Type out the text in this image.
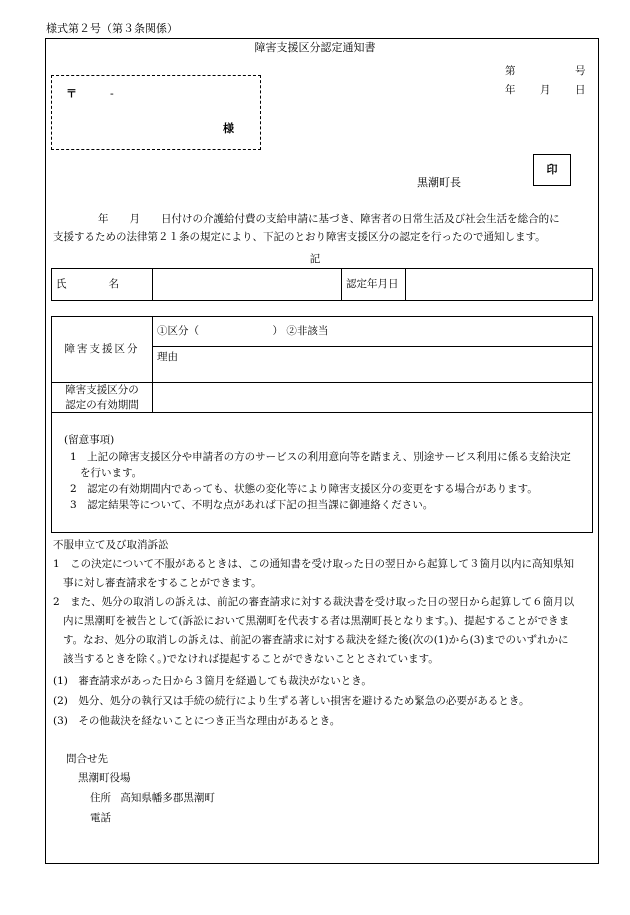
様式第２号（第３条関係）
障害支援区分認定通知書
第	号
年 月 日
〒	-
様
黒潮町長
印
年　　月　　日付けの介護給付費の支給申請に基づき、障害者の日常生活及び社会生活を総合的に
支援するための法律第２１条の規定により、下記のとおり障害支援区分の認定を行ったので通知します。
記
氏　　　　名		認定年月日	
障害支援区分	①区分（　　　　　　　） ②非該当
	理由

障害支援区分の
認定の有効期間	

(留意事項)
1　上記の障害支援区分や申請者の方のサービスの利用意向等を踏まえ、別途サービス利用に係る支給決定
を行います。
2　認定の有効期間内であっても、状態の変化等により障害支援区分の変更をする場合があります。
3　認定結果等について、不明な点があれば下記の担当課に御連絡ください。
不服申立て及び取消訴訟
1　この決定について不服があるときは、この通知書を受け取った日の翌日から起算して３箇月以内に高知県知
事に対し審査請求をすることができます。
2　また、処分の取消しの訴えは、前記の審査請求に対する裁決書を受け取った日の翌日から起算して６箇月以
内に黒潮町を被告として(訴訟において黒潮町を代表する者は黒潮町長となります。)、提起することができま
す。なお、処分の取消しの訴えは、前記の審査請求に対する裁決を経た後(次の(1)から(3)までのいずれかに
該当するときを除く。)でなければ提起することができないこととされています。
(1)　審査請求があった日から３箇月を経過しても裁決がないとき。
(2)　処分、処分の執行又は手続の続行により生ずる著しい損害を避けるため緊急の必要があるとき。
(3)　その他裁決を経ないことにつき正当な理由があるとき。
問合せ先
黒潮町役場
住所 高知県幡多郡黒潮町
電話
